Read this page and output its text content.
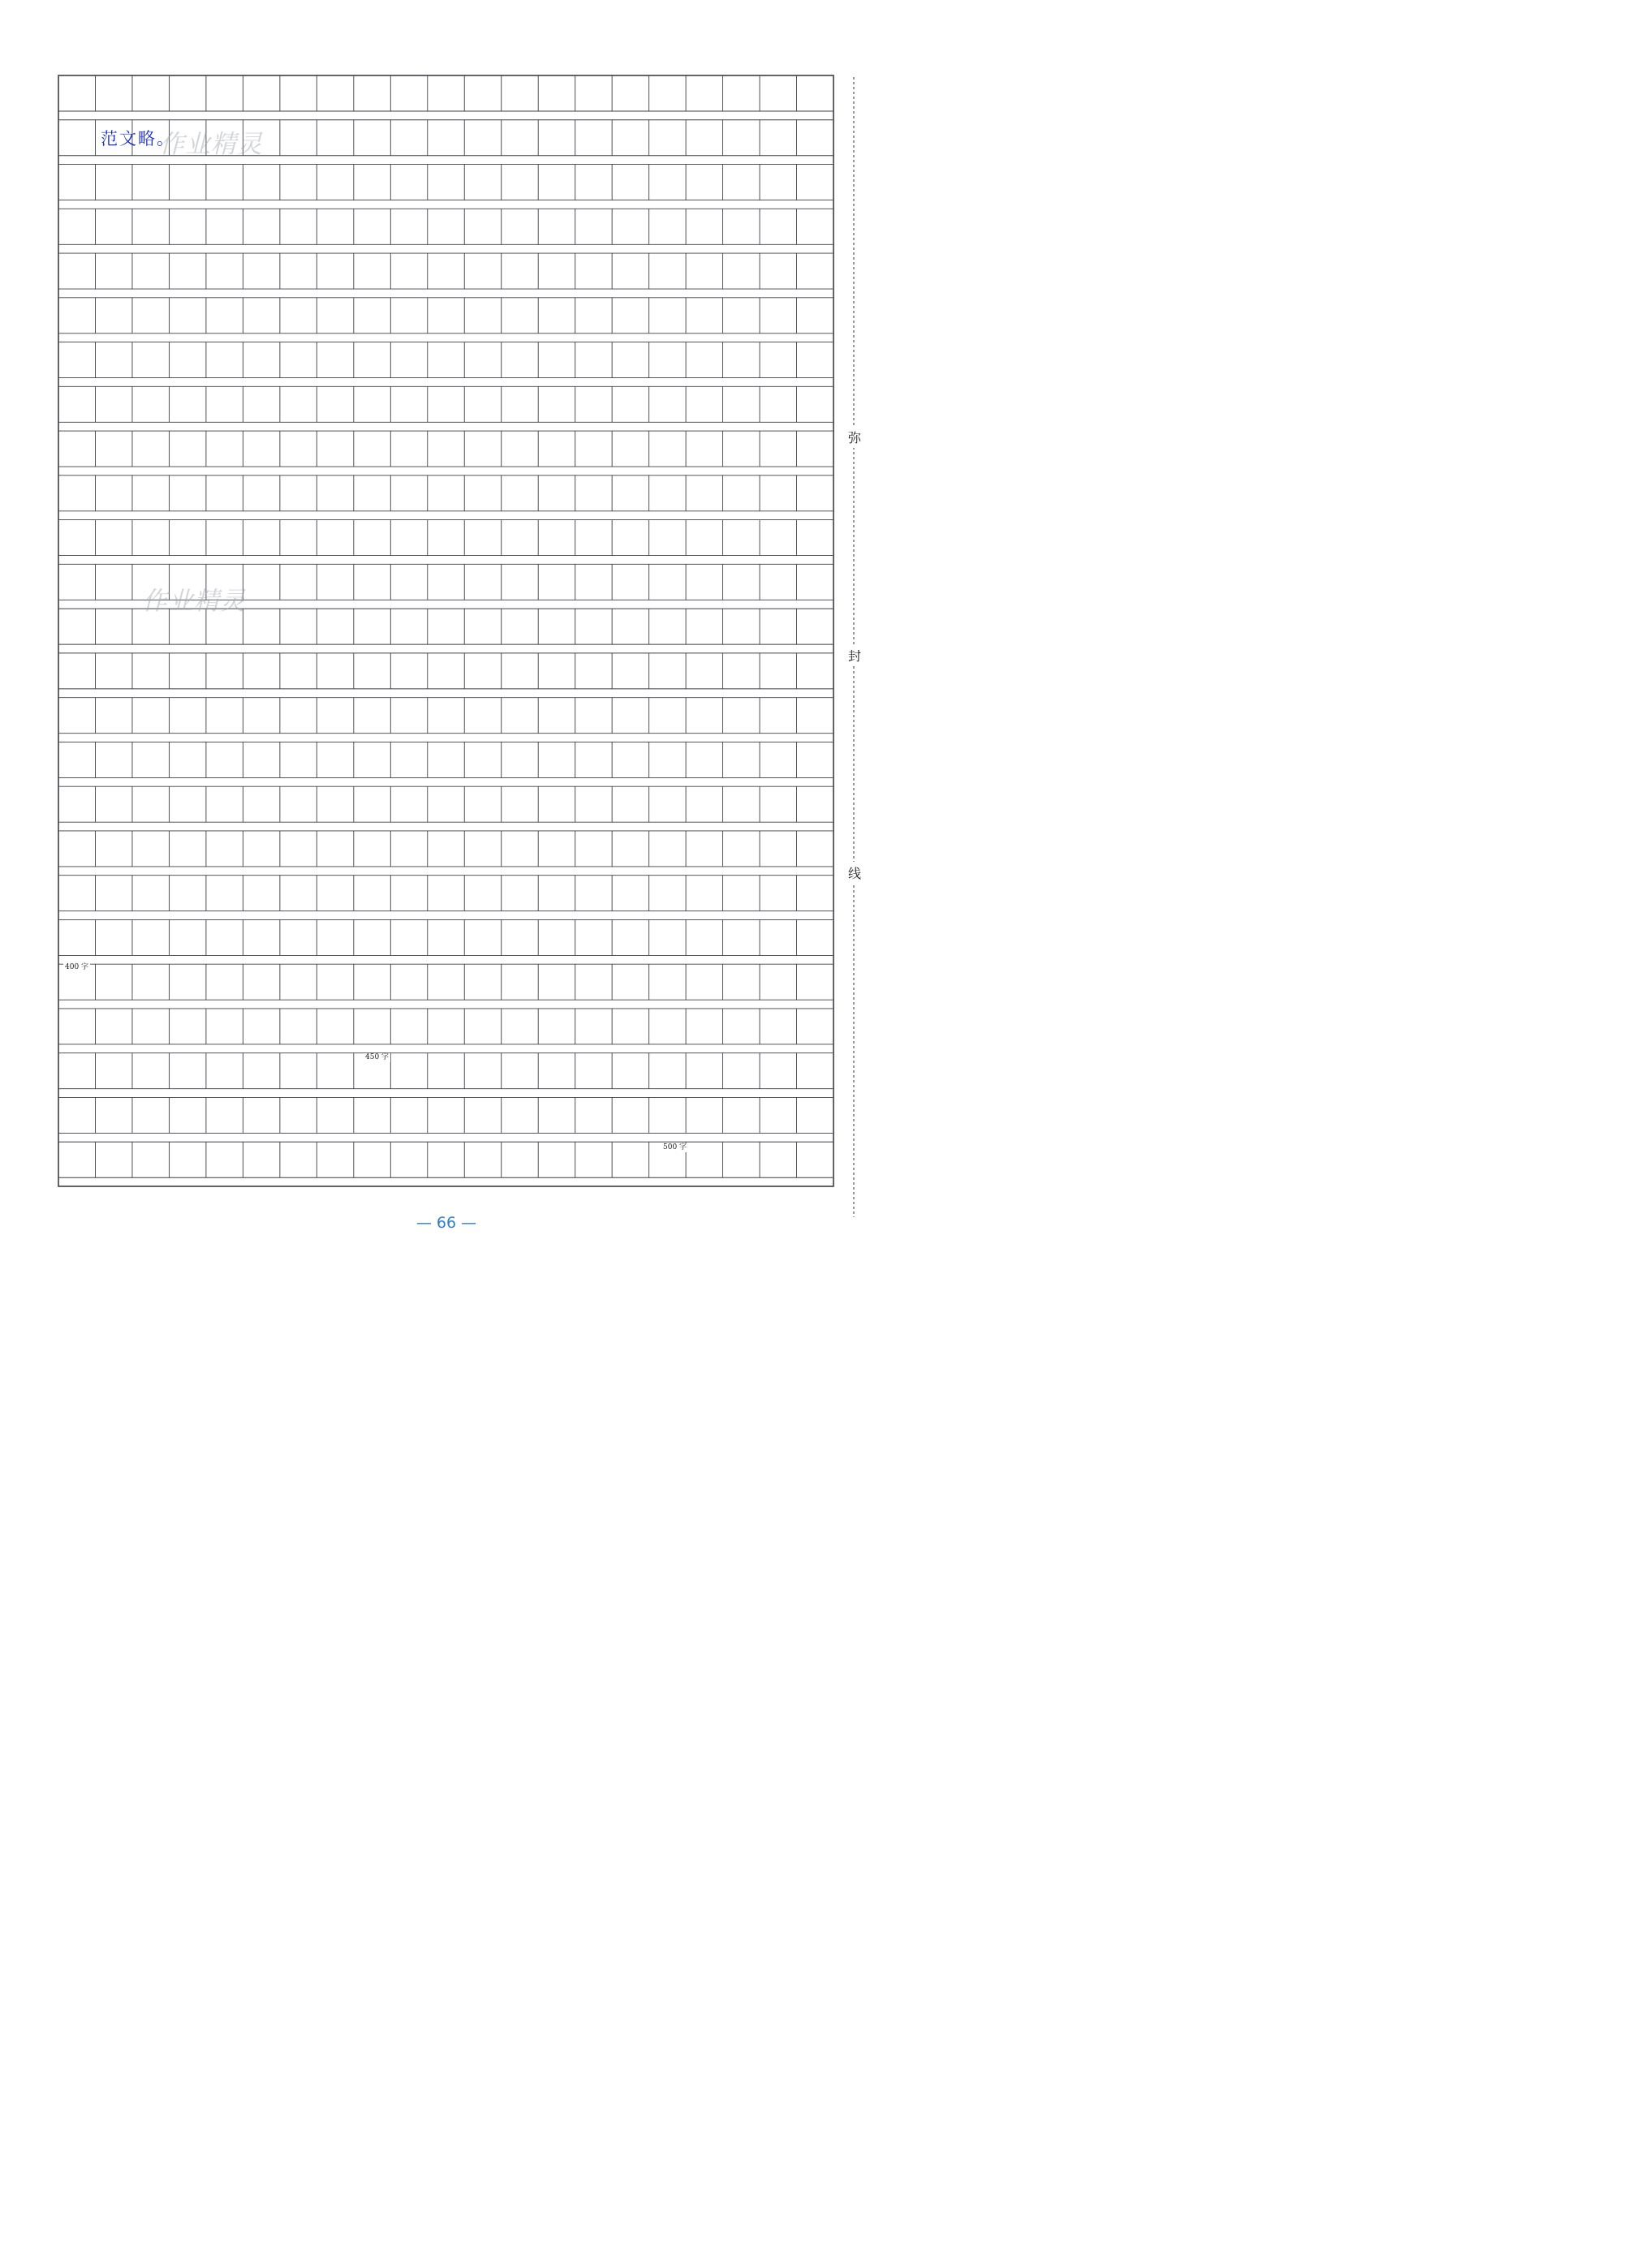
范文略。
作业精灵
作业精灵
400 字
450 字
500 字
弥
封
线
— 66 —
